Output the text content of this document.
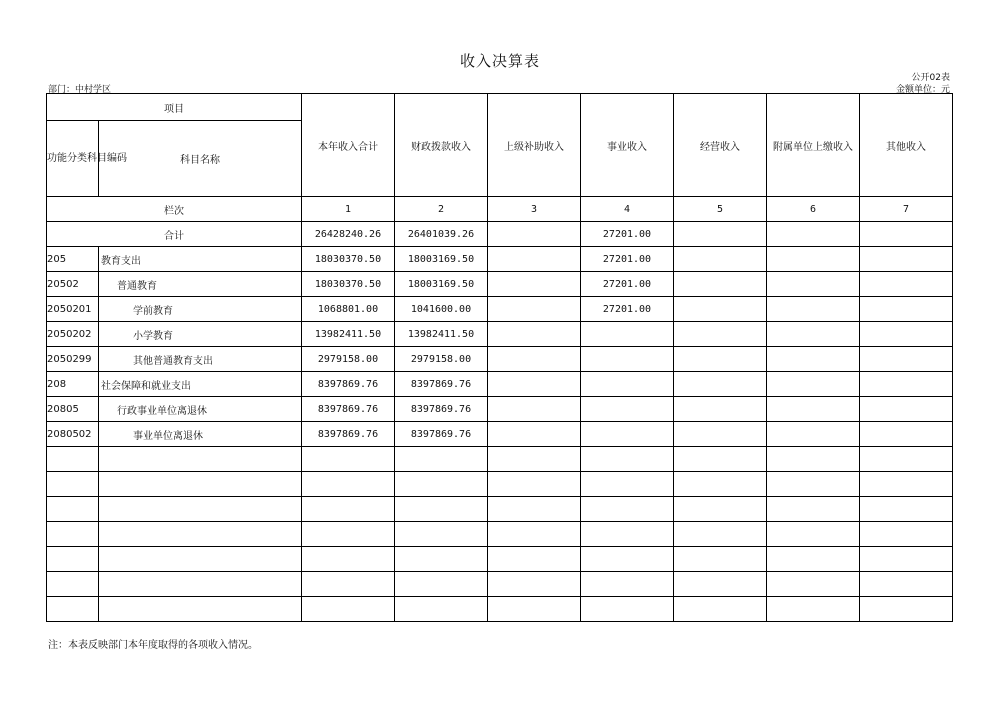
收入决算表
公开02表
部门：中村学区	金额单位：元
项目		本年收入合计	财政拨款收入	上级补助收入	事业收入	经营收入	附属单位上缴收入	其他收入
功能分类科目编码	科目名称							
栏次		1	2	3	4	5	6	7
合计		26428240.26	26401039.26		27201.00			
205	教育支出	18030370.50	18003169.50		27201.00			
20502	普通教育	18030370.50	18003169.50		27201.00			
2050201	学前教育	1068801.00	1041600.00		27201.00			
2050202	小学教育	13982411.50	13982411.50					
2050299	其他普通教育支出	2979158.00	2979158.00					
208	社会保障和就业支出	8397869.76	8397869.76					
20805	行政事业单位离退休	8397869.76	8397869.76					
2080502	事业单位离退休	8397869.76	8397869.76					

注：本表反映部门本年度取得的各项收入情况。
